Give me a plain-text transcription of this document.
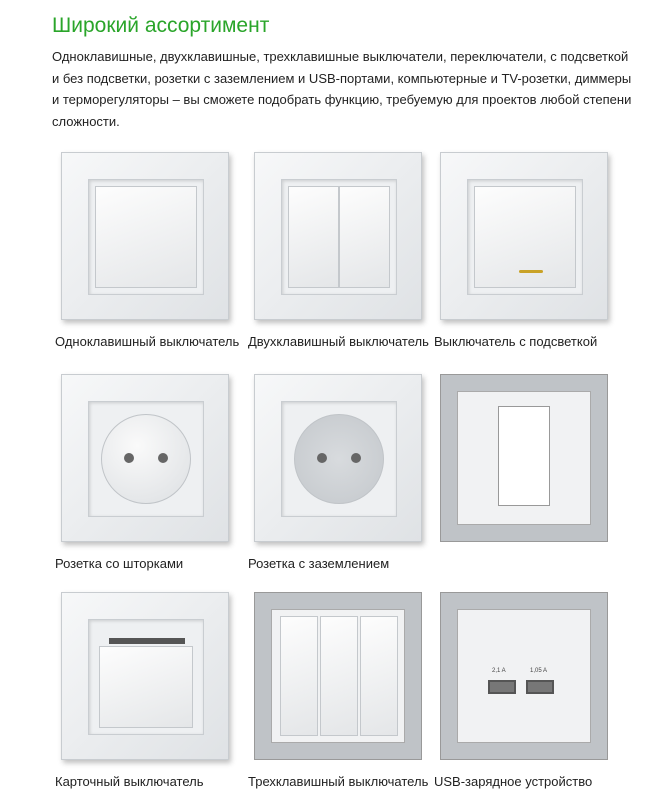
Широкий ассортимент
Одноклавишные, двухклавишные, трехклавишные выключатели, переключатели, с подсветкой и без подсветки, розетки с заземлением и USB-портами, компьютерные и TV-розетки, диммеры и терморегуляторы – вы сможете подобрать функцию, требуемую для проектов любой степени сложности.
Одноклавишный выключатель Двухклавишный выключатель Выключатель с подсветкой
Розетка со шторками	Розетка с заземлением
Карточный выключатель	Трехклавишный выключатель
2,1 A	1,05 A
USB-зарядное устройство
